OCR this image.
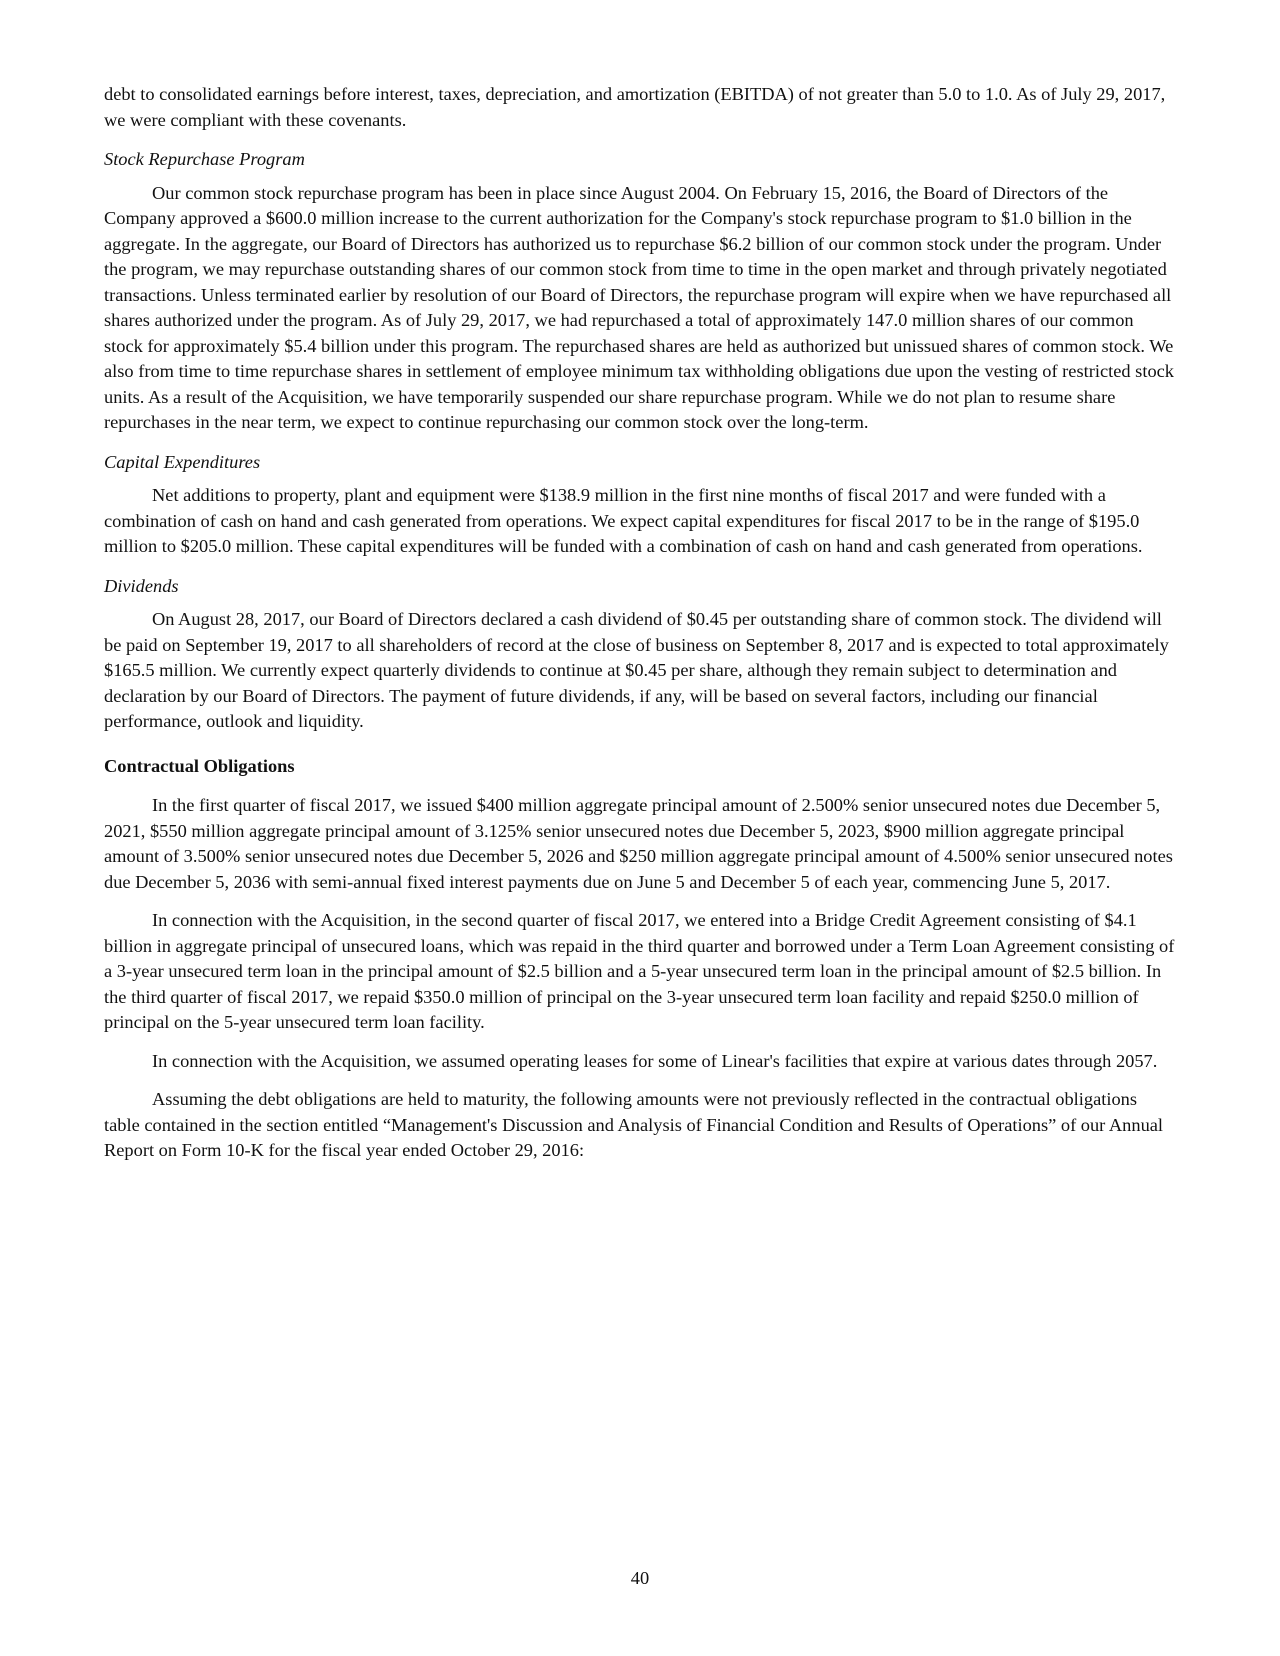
debt to consolidated earnings before interest, taxes, depreciation, and amortization (EBITDA) of not greater than 5.0 to 1.0. As of July 29, 2017, we were compliant with these covenants.

Stock Repurchase Program

Our common stock repurchase program has been in place since August 2004. On February 15, 2016, the Board of Directors of the Company approved a $600.0 million increase to the current authorization for the Company's stock repurchase program to $1.0 billion in the aggregate. In the aggregate, our Board of Directors has authorized us to repurchase $6.2 billion of our common stock under the program. Under the program, we may repurchase outstanding shares of our common stock from time to time in the open market and through privately negotiated transactions. Unless terminated earlier by resolution of our Board of Directors, the repurchase program will expire when we have repurchased all shares authorized under the program. As of July 29, 2017, we had repurchased a total of approximately 147.0 million shares of our common stock for approximately $5.4 billion under this program. The repurchased shares are held as authorized but unissued shares of common stock. We also from time to time repurchase shares in settlement of employee minimum tax withholding obligations due upon the vesting of restricted stock units. As a result of the Acquisition, we have temporarily suspended our share repurchase program. While we do not plan to resume share repurchases in the near term, we expect to continue repurchasing our common stock over the long-term.

Capital Expenditures

Net additions to property, plant and equipment were $138.9 million in the first nine months of fiscal 2017 and were funded with a combination of cash on hand and cash generated from operations. We expect capital expenditures for fiscal 2017 to be in the range of $195.0 million to $205.0 million. These capital expenditures will be funded with a combination of cash on hand and cash generated from operations.

Dividends

On August 28, 2017, our Board of Directors declared a cash dividend of $0.45 per outstanding share of common stock. The dividend will be paid on September 19, 2017 to all shareholders of record at the close of business on September 8, 2017 and is expected to total approximately $165.5 million. We currently expect quarterly dividends to continue at $0.45 per share, although they remain subject to determination and declaration by our Board of Directors. The payment of future dividends, if any, will be based on several factors, including our financial performance, outlook and liquidity.

Contractual Obligations

In the first quarter of fiscal 2017, we issued $400 million aggregate principal amount of 2.500% senior unsecured notes due December 5, 2021, $550 million aggregate principal amount of 3.125% senior unsecured notes due December 5, 2023, $900 million aggregate principal amount of 3.500% senior unsecured notes due December 5, 2026 and $250 million aggregate principal amount of 4.500% senior unsecured notes due December 5, 2036 with semi-annual fixed interest payments due on June 5 and December 5 of each year, commencing June 5, 2017.

In connection with the Acquisition, in the second quarter of fiscal 2017, we entered into a Bridge Credit Agreement consisting of $4.1 billion in aggregate principal of unsecured loans, which was repaid in the third quarter and borrowed under a Term Loan Agreement consisting of a 3-year unsecured term loan in the principal amount of $2.5 billion and a 5-year unsecured term loan in the principal amount of $2.5 billion. In the third quarter of fiscal 2017, we repaid $350.0 million of principal on the 3-year unsecured term loan facility and repaid $250.0 million of principal on the 5-year unsecured term loan facility.

In connection with the Acquisition, we assumed operating leases for some of Linear's facilities that expire at various dates through 2057.

Assuming the debt obligations are held to maturity, the following amounts were not previously reflected in the contractual obligations table contained in the section entitled “Management's Discussion and Analysis of Financial Condition and Results of Operations” of our Annual Report on Form 10-K for the fiscal year ended October 29, 2016:

40
